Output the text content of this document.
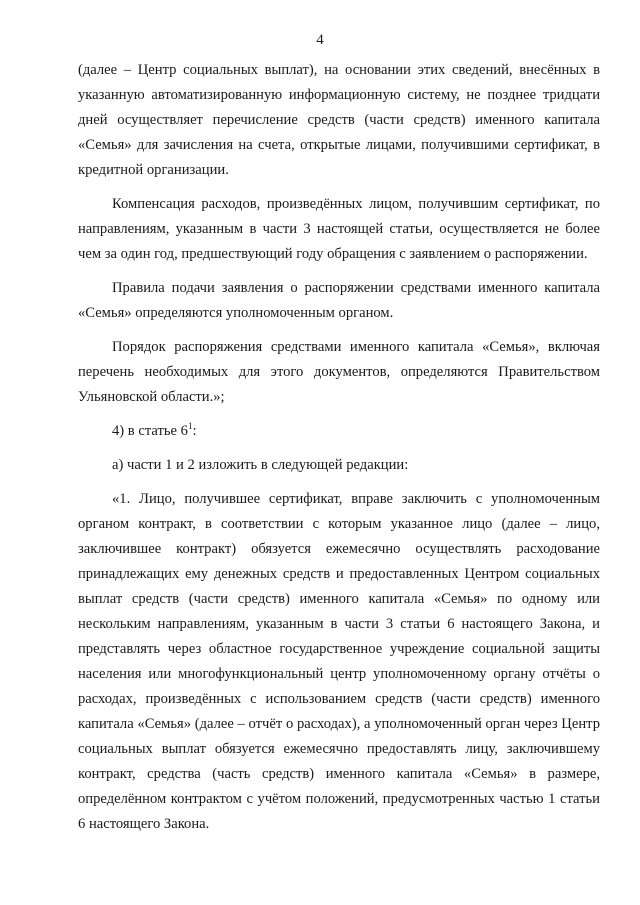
4

(далее – Центр социальных выплат), на основании этих сведений, внесённых в указанную автоматизированную информационную систему, не позднее тридцати дней осуществляет перечисление средств (части средств) именного капитала «Семья» для зачисления на счета, открытые лицами, получившими сертификат, в кредитной организации.

Компенсация расходов, произведённых лицом, получившим сертификат, по направлениям, указанным в части 3 настоящей статьи, осуществляется не более чем за один год, предшествующий году обращения с заявлением о распоряжении.

Правила подачи заявления о распоряжении средствами именного капитала «Семья» определяются уполномоченным органом.

Порядок распоряжения средствами именного капитала «Семья», включая перечень необходимых для этого документов, определяются Правительством Ульяновской области.»;

4) в статье $6^1$:

а) части 1 и 2 изложить в следующей редакции:

«1. Лицо, получившее сертификат, вправе заключить с уполномоченным органом контракт, в соответствии с которым указанное лицо (далее – лицо, заключившее контракт) обязуется ежемесячно осуществлять расходование принадлежащих ему денежных средств и предоставленных Центром социальных выплат средств (части средств) именного капитала «Семья» по одному или нескольким направлениям, указанным в части 3 статьи 6 настоящего Закона, и представлять через областное государственное учреждение социальной защиты населения или многофункциональный центр уполномоченному органу отчёты о расходах, произведённых с использованием средств (части средств) именного капитала «Семья» (далее – отчёт о расходах), а уполномоченный орган через Центр социальных выплат обязуется ежемесячно предоставлять лицу, заключившему контракт, средства (часть средств) именного капитала «Семья» в размере, определённом контрактом с учётом положений, предусмотренных частью 1 статьи 6 настоящего Закона.
